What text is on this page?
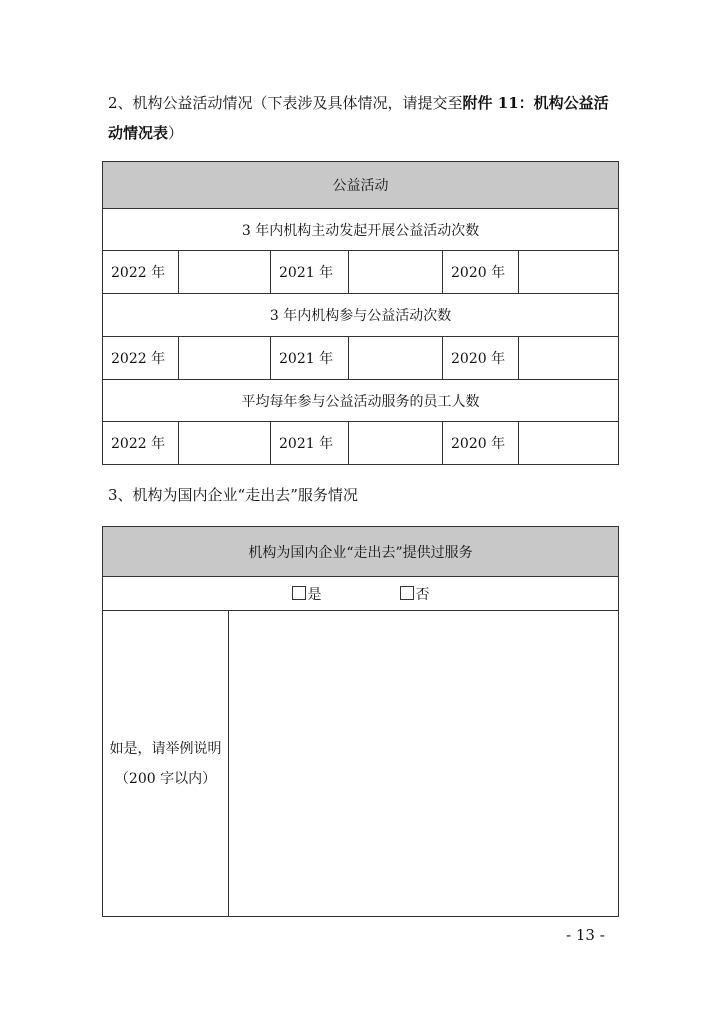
2、机构公益活动情况（下表涉及具体情况，请提交至附件 11：机构公益活动情况表）

公益活动					
3 年内机构主动发起开展公益活动次数					
2022 年		2021 年		2020 年	
3 年内机构参与公益活动次数					
2022 年		2021 年		2020 年	
平均每年参与公益活动服务的员工人数					
2022 年		2021 年		2020 年	

3、机构为国内企业“走出去”服务情况

机构为国内企业“走出去”提供过服务
是	否
如是，请举例说明
（200 字以内）	
- 13 -
